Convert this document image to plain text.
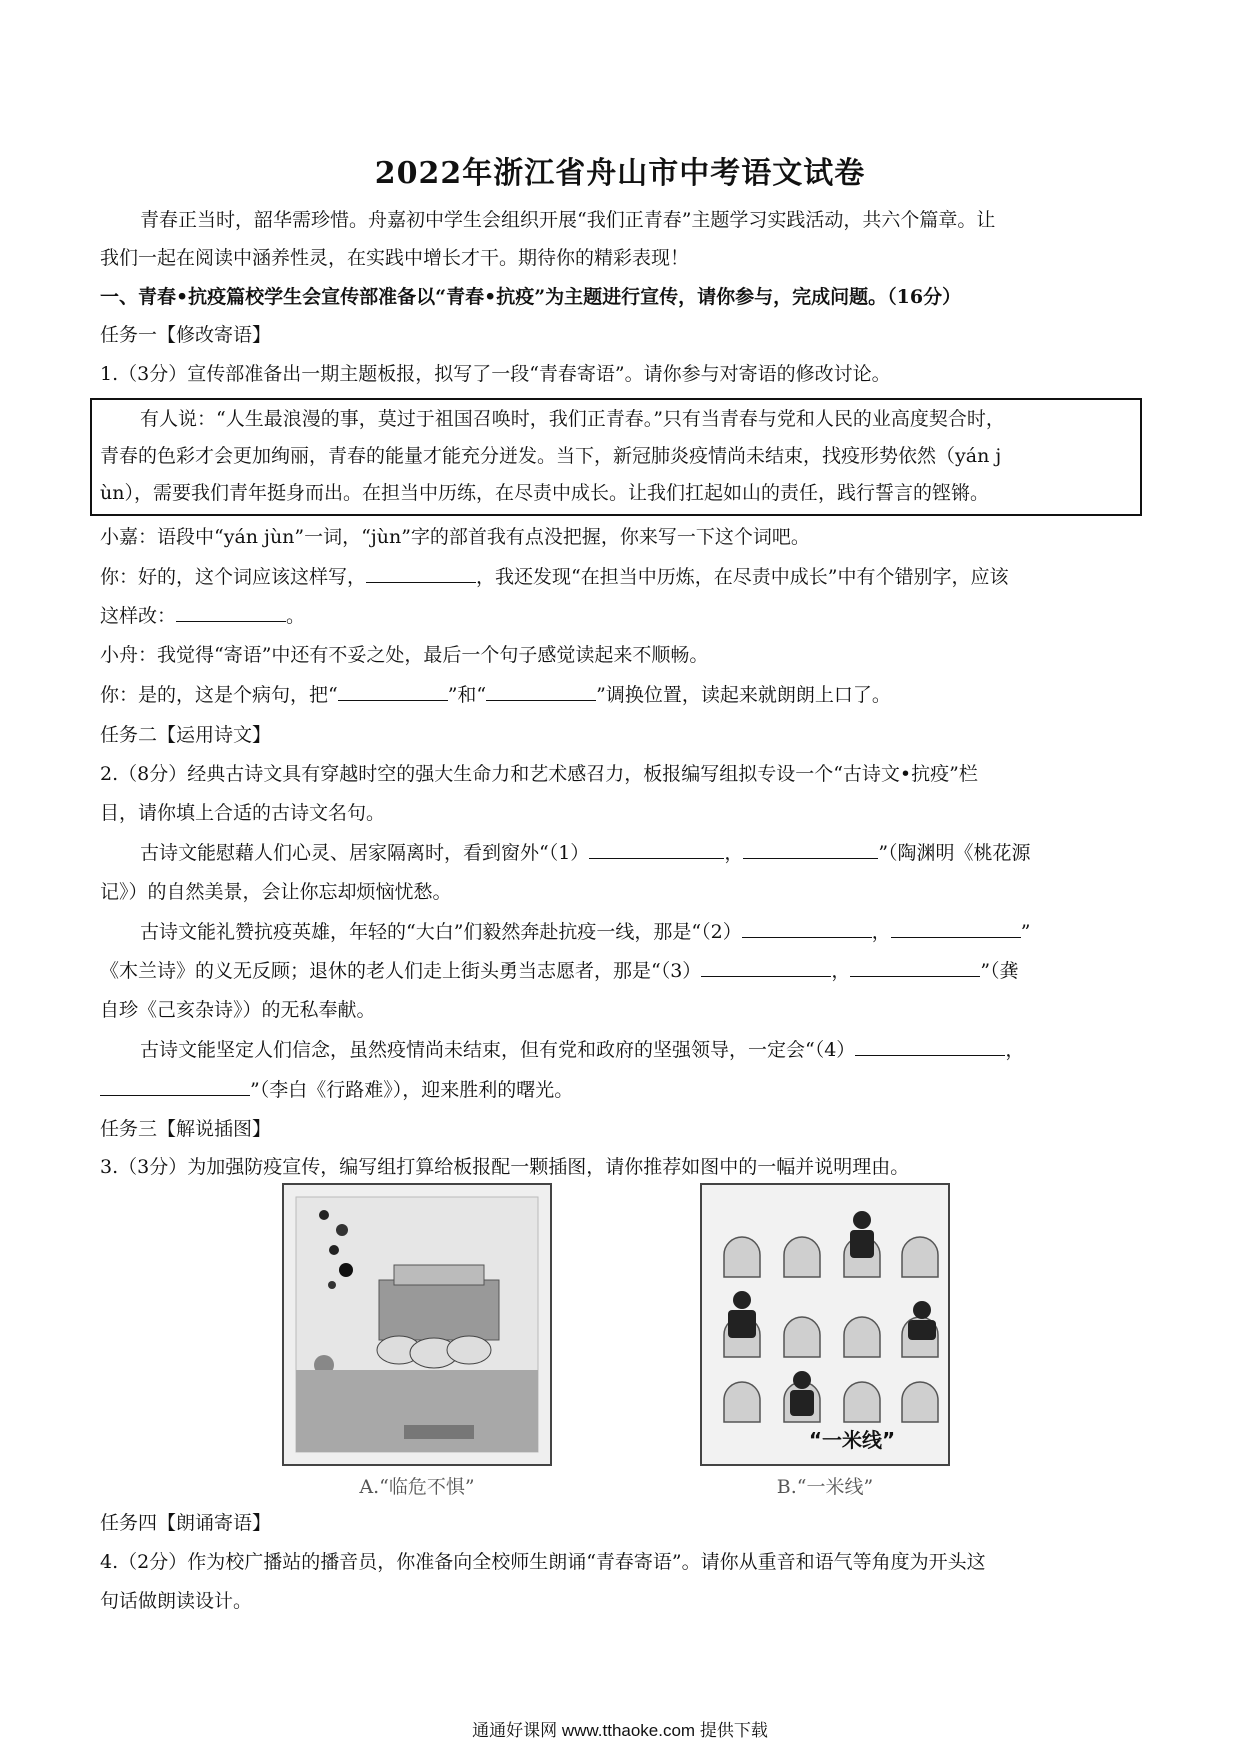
2022年浙江省舟山市中考语文试卷
青春正当时，韶华需珍惜。舟嘉初中学生会组织开展“我们正青春”主题学习实践活动，共六个篇章。让
我们一起在阅读中涵养性灵，在实践中增长才干。期待你的精彩表现！
一、青春•抗疫篇校学生会宣传部准备以“青春•抗疫”为主题进行宣传，请你参与，完成问题。（16分）
任务一【修改寄语】
1.（3分）宣传部准备出一期主题板报，拟写了一段“青春寄语”。请你参与对寄语的修改讨论。
有人说：“人生最浪漫的事，莫过于祖国召唤时，我们正青春。”只有当青春与党和人民的业高度契合时，
青春的色彩才会更加绚丽，青春的能量才能充分迸发。当下，新冠肺炎疫情尚未结束，找疫形势依然（yán j
ùn），需要我们青年挺身而出。在担当中历练，在尽责中成长。让我们扛起如山的责任，践行誓言的铿锵。
小嘉：语段中“yán jùn”一词，“jùn”字的部首我有点没把握，你来写一下这个词吧。
你：好的，这个词应该这样写，	，我还发现“在担当中历炼，在尽责中成长”中有个错别字，应该
这样改：	。
小舟：我觉得“寄语”中还有不妥之处，最后一个句子感觉读起来不顺畅。
你：是的，这是个病句，把“	”和“	”调换位置，读起来就朗朗上口了。
任务二【运用诗文】
2.（8分）经典古诗文具有穿越时空的强大生命力和艺术感召力，板报编写组拟专设一个“古诗文•抗疫”栏
目，请你填上合适的古诗文名句。
古诗文能慰藉人们心灵、居家隔离时，看到窗外“（1）	，	”（陶渊明《桃花源
记》）的自然美景，会让你忘却烦恼忧愁。
古诗文能礼赞抗疫英雄，年轻的“大白”们毅然奔赴抗疫一线，那是“（2）	，	”
《木兰诗》的义无反顾；退休的老人们走上街头勇当志愿者，那是“（3）	，	”（龚
自珍《己亥杂诗》）的无私奉献。
古诗文能坚定人们信念，虽然疫情尚未结束，但有党和政府的坚强领导，一定会“（4）	，
”（李白《行路难》），迎来胜利的曙光。
任务三【解说插图】
3.（3分）为加强防疫宣传，编写组打算给板报配一颗插图，请你推荐如图中的一幅并说明理由。
A.“临危不惧”
“一米线”
B.“一米线”
任务四【朗诵寄语】
4.（2分）作为校广播站的播音员，你准备向全校师生朗诵“青春寄语”。请你从重音和语气等角度为开头这
句话做朗读设计。
通通好课网 www.tthaoke.com 提供下载
